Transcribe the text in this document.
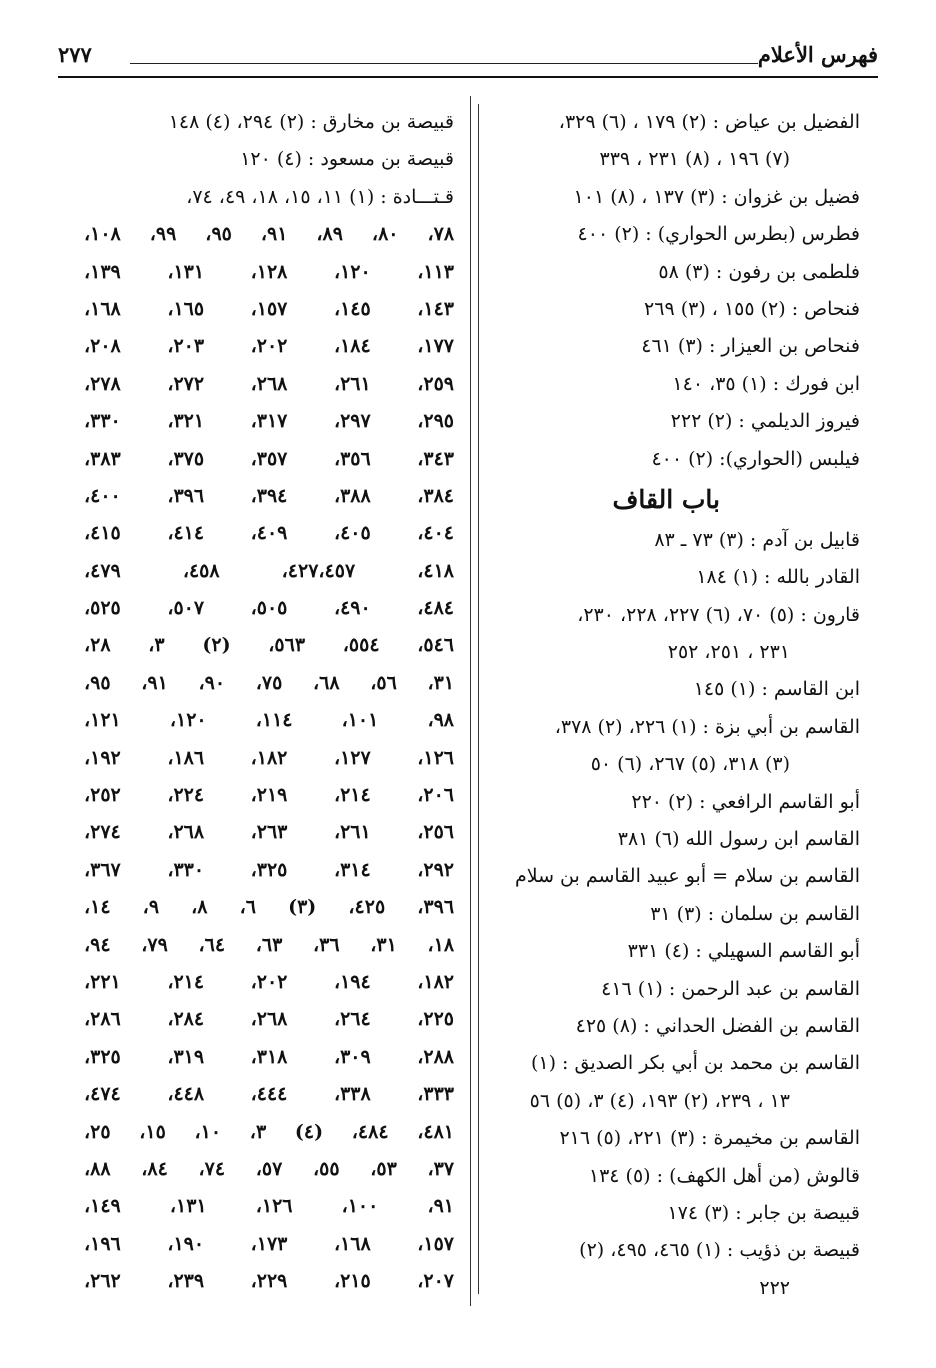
فهرس الأعلام
٢٧٧
الفضيل بن عياض : (٢) ١٧٩ ، (٦) ٣٢٩،
(٧) ١٩٦ ، (٨) ٢٣١ ، ٣٣٩
فضيل بن غزوان : (٣) ١٣٧ ، (٨) ١٠١
فطرس (بطرس الحواري) : (٢) ٤٠٠
فلطمى بن رفون : (٣) ٥٨
فنحاص : (٢) ١٥٥ ، (٣) ٢٦٩
فنحاص بن العيزار : (٣) ٤٦١
ابن فورك : (١) ٣٥، ١٤٠
فيروز الديلمي : (٢) ٢٢٢
فيلبس (الحواري): (٢) ٤٠٠
باب القاف
قابيل بن آدم : (٣) ٧٣ ـ ٨٣
القادر بالله : (١) ١٨٤
قارون : (٥) ٧٠، (٦) ٢٢٧، ٢٢٨، ٢٣٠،
٢٣١ ، ٢٥١، ٢٥٢
ابن القاسم : (١) ١٤٥
القاسم بن أبي بزة : (١) ٢٢٦، (٢) ٣٧٨،
(٣) ٣١٨، (٥) ٢٦٧، (٦) ٥٠
أبو القاسم الرافعي : (٢) ٢٢٠
القاسم ابن رسول الله (٦) ٣٨١
القاسم بن سلام = أبو عبيد القاسم بن سلام
القاسم بن سلمان : (٣) ٣١
أبو القاسم السهيلي : (٤) ٣٣١
القاسم بن عبد الرحمن : (١) ٤١٦
القاسم بن الفضل الحداني : (٨) ٤٢٥
القاسم بن محمد بن أبي بكر الصديق : (١)
١٣ ، ٢٣٩، (٢) ١٩٣، (٤) ٣، (٥) ٥٦
القاسم بن مخيمرة : (٣) ٢٢١، (٥) ٢١٦
قالوش (من أهل الكهف) : (٥) ١٣٤
قبيصة بن جابر : (٣) ١٧٤
قبيصة بن ذؤيب : (١) ٤٦٥، ٤٩٥، (٢)
٢٢٢
قبيصة بن مخارق : (٢) ٢٩٤، (٤) ١٤٨
قبيصة بن مسعود : (٤) ١٢٠
قـتـــادة : (١) ١١، ١٥، ١٨، ٤٩، ٧٤،
٧٨، ٨٠، ٨٩، ٩١، ٩٥، ٩٩، ١٠٨،
١١٣، ١٢٠، ١٢٨، ١٣١، ١٣٩،
١٤٣، ١٤٥، ١٥٧، ١٦٥، ١٦٨،
١٧٧، ١٨٤، ٢٠٢، ٢٠٣، ٢٠٨،
٢٥٩، ٢٦١، ٢٦٨، ٢٧٢، ٢٧٨،
٢٩٥، ٢٩٧، ٣١٧، ٣٢١، ٣٣٠،
٣٤٣، ٣٥٦، ٣٥٧، ٣٧٥، ٣٨٣،
٣٨٤، ٣٨٨، ٣٩٤، ٣٩٦، ٤٠٠،
٤٠٤، ٤٠٥، ٤٠٩، ٤١٤، ٤١٥،
٤١٨، ٤٢٧،٤٥٧، ٤٥٨، ٤٧٩،
٤٨٤، ٤٩٠، ٥٠٥، ٥٠٧، ٥٢٥،
٥٤٦، ٥٥٤، ٥٦٣، (٢) ٣، ٢٨،
٣١، ٥٦، ٦٨، ٧٥، ٩٠، ٩١، ٩٥،
٩٨، ١٠١، ١١٤، ١٢٠، ١٢١،
١٢٦، ١٢٧، ١٨٢، ١٨٦، ١٩٢،
٢٠٦، ٢١٤، ٢١٩، ٢٢٤، ٢٥٢،
٢٥٦، ٢٦١، ٢٦٣، ٢٦٨، ٢٧٤،
٢٩٢، ٣١٤، ٣٢٥، ٣٣٠، ٣٦٧،
٣٩٦، ٤٢٥، (٣) ٦، ٨، ٩، ١٤،
١٨، ٣١، ٣٦، ٦٣، ٦٤، ٧٩، ٩٤،
١٨٢، ١٩٤، ٢٠٢، ٢١٤، ٢٢١،
٢٢٥، ٢٦٤، ٢٦٨، ٢٨٤، ٢٨٦،
٢٨٨، ٣٠٩، ٣١٨، ٣١٩، ٣٢٥،
٣٣٣، ٣٣٨، ٤٤٤، ٤٤٨، ٤٧٤،
٤٨١، ٤٨٤، (٤) ٣، ١٠، ١٥، ٢٥،
٣٧، ٥٣، ٥٥، ٥٧، ٧٤، ٨٤، ٨٨،
٩١، ١٠٠، ١٢٦، ١٣١، ١٤٩،
١٥٧، ١٦٨، ١٧٣، ١٩٠، ١٩٦،
٢٠٧، ٢١٥، ٢٢٩، ٢٣٩، ٢٦٢،
